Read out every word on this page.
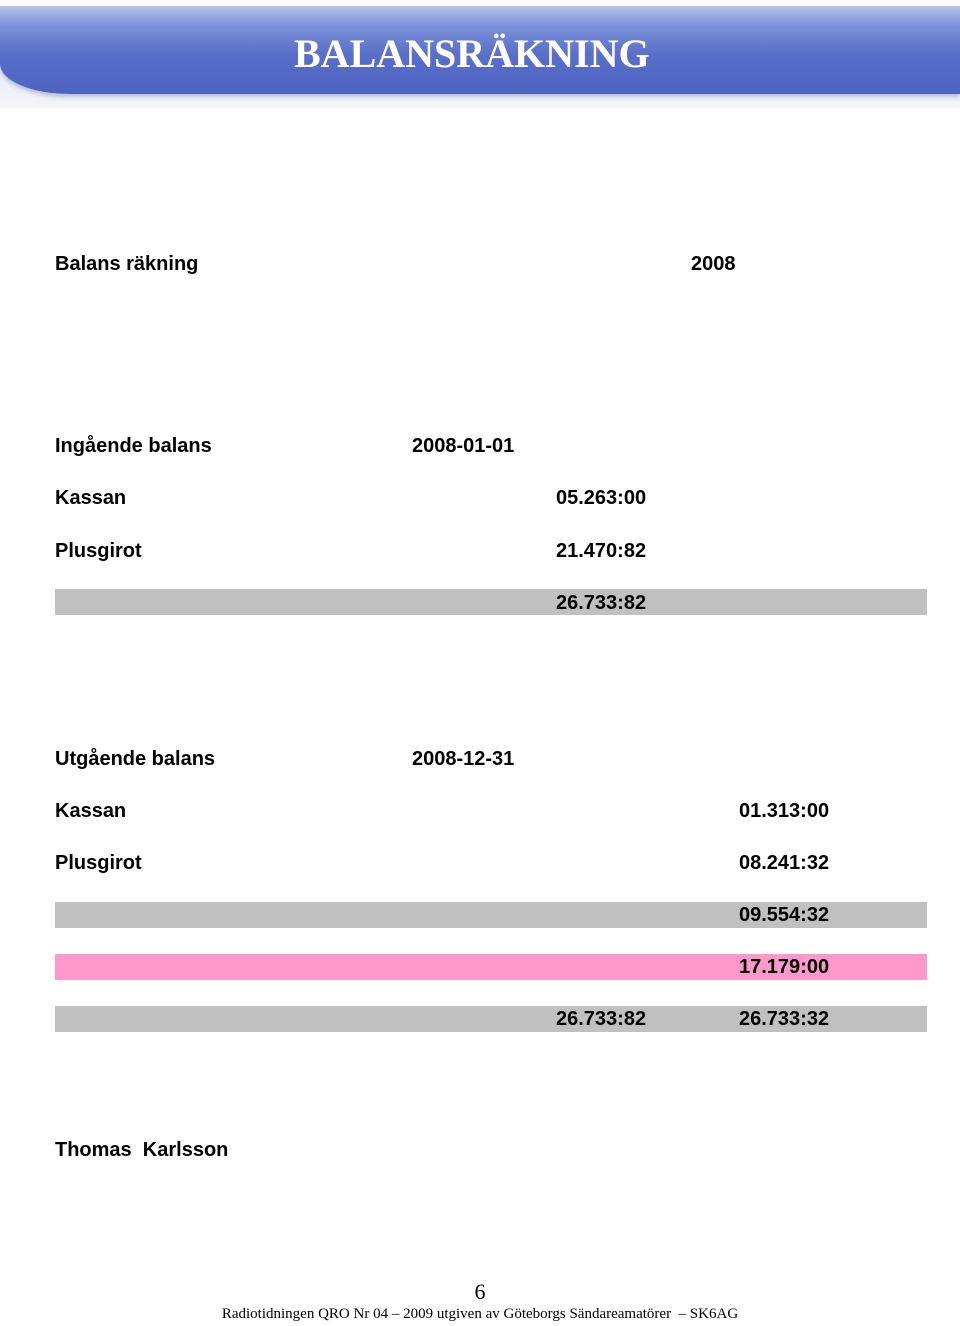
BALANSRÄKNING
Balans räkning	2008
Ingående balans	2008-01-01
Kassan	05.263:00
Plusgirot	21.470:82
26.733:82
Utgående balans	2008-12-31
Kassan	01.313:00
Plusgirot	08.241:32
09.554:32
17.179:00
26.733:82	26.733:32
Thomas  Karlsson
6
Radiotidningen QRO Nr 04 – 2009 utgiven av Göteborgs Sändareamatörer  – SK6AG
